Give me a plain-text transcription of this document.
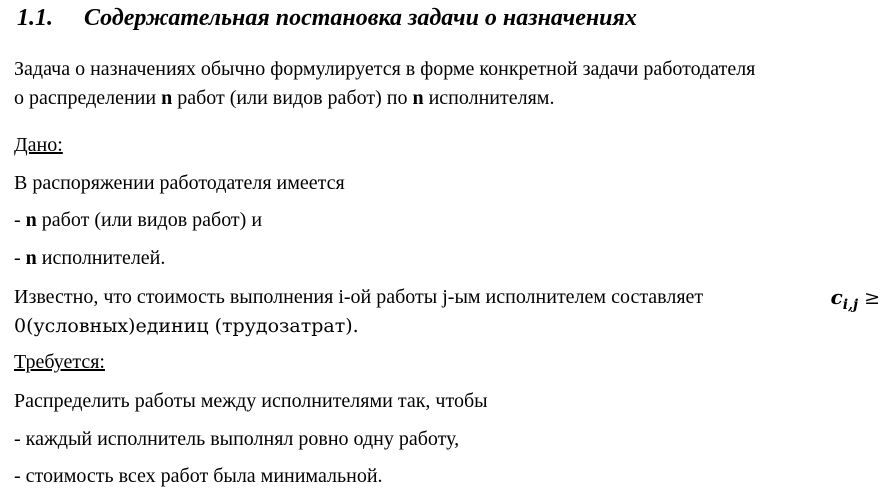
1.1. Содержательная постановка задачи о назначениях
Задача о назначениях обычно формулируется в форме конкретной задачи работодателя
о распределении n работ (или видов работ) по n исполнителям.
Дано:
В распоряжении работодателя имеется
- n работ (или видов работ) и
- n исполнителей.
Известно, что стоимость выполнения i-ой работы j-ым исполнителем составляет	$c_{i,j}$ ≥
0(условных)единиц (трудозатрат).
Требуется:
Распределить работы между исполнителями так, чтобы
- каждый исполнитель выполнял ровно одну работу,
- стоимость всех работ была минимальной.
